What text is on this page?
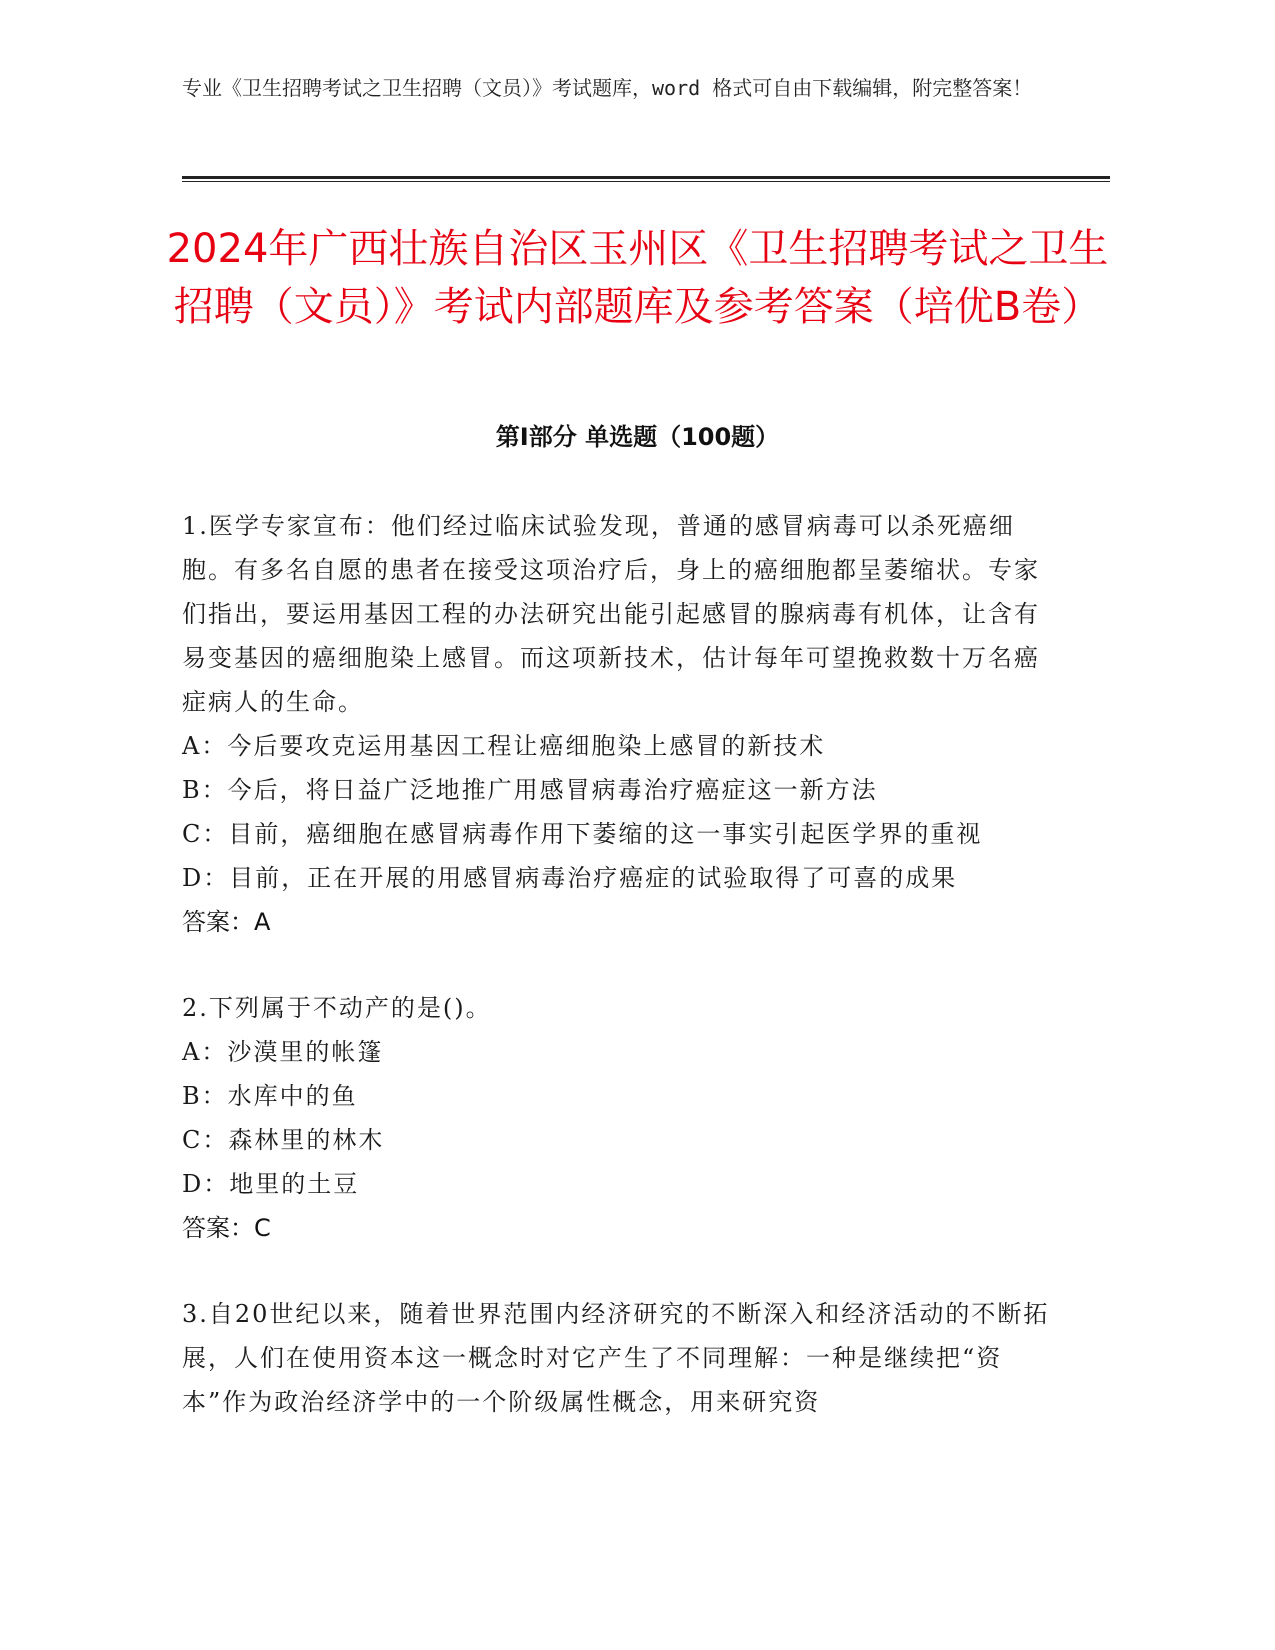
专业《卫生招聘考试之卫生招聘（文员）》考试题库，word 格式可自由下载编辑，附完整答案！

2024年广西壮族自治区玉州区《卫生招聘考试之卫生招聘（文员）》考试内部题库及参考答案（培优B卷）
第Ⅰ部分 单选题（100题）

1.医学专家宣布：他们经过临床试验发现，普通的感冒病毒可以杀死癌细胞。有多名自愿的患者在接受这项治疗后，身上的癌细胞都呈萎缩状。专家们指出，要运用基因工程的办法研究出能引起感冒的腺病毒有机体，让含有易变基因的癌细胞染上感冒。而这项新技术，估计每年可望挽救数十万名癌症病人的生命。

A：今后要攻克运用基因工程让癌细胞染上感冒的新技术

B：今后，将日益广泛地推广用感冒病毒治疗癌症这一新方法

C：目前，癌细胞在感冒病毒作用下萎缩的这一事实引起医学界的重视

D：目前，正在开展的用感冒病毒治疗癌症的试验取得了可喜的成果

答案：A

2.下列属于不动产的是()。

A：沙漠里的帐篷

B：水库中的鱼

C：森林里的林木

D：地里的土豆

答案：C

3.自20世纪以来，随着世界范围内经济研究的不断深入和经济活动的不断拓展，人们在使用资本这一概念时对它产生了不同理解：一种是继续把“资本”作为政治经济学中的一个阶级属性概念，用来研究资
